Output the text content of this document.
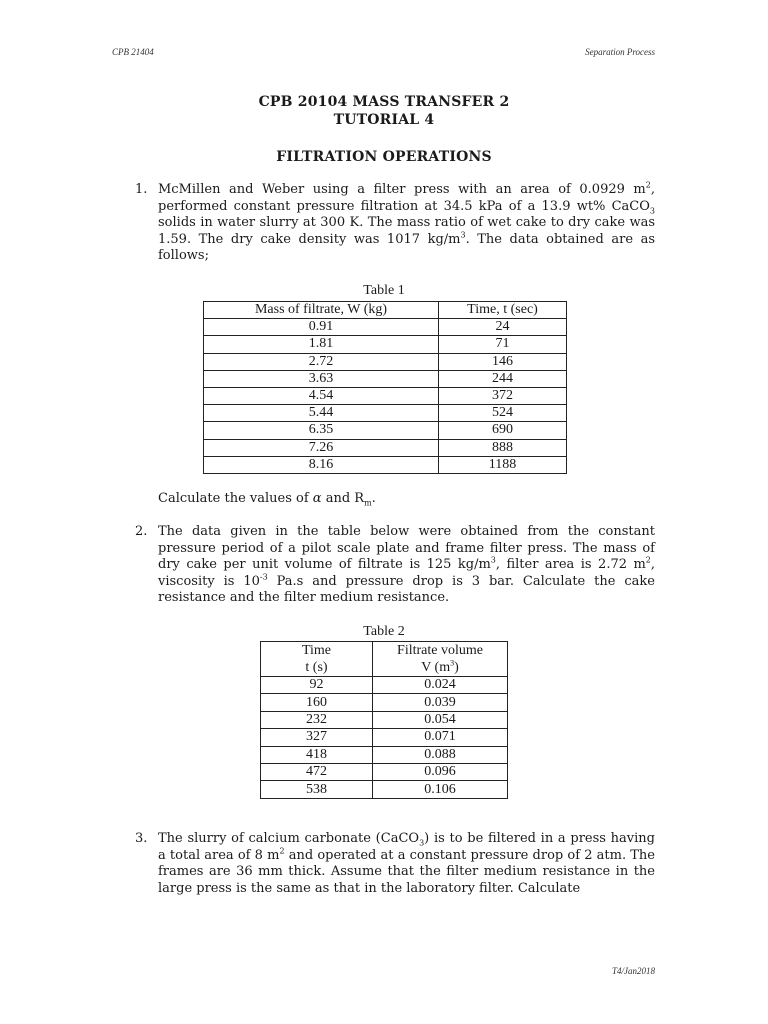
CPB 21404	Separation Process
CPB 20104 MASS TRANSFER 2
TUTORIAL 4
FILTRATION OPERATIONS
1. McMillen and Weber using a filter press with an area of 0.0929 $m^2$, performed constant pressure filtration at 34.5 kPa of a 13.9 wt% CaCO$_3$ solids in water slurry at 300 K. The mass ratio of wet cake to dry cake was 1.59. The dry cake density was 1017 $kg/m^3$. The data obtained are as follows;
Table 1
Mass of filtrate, W (kg)	Time, t (sec)
0.91	24
1.81	71
2.72	146
3.63	244
4.54	372
5.44	524
6.35	690
7.26	888
8.16	1188
Calculate the values of α and $R_m$.
2. The data given in the table below were obtained from the constant pressure period of a pilot scale plate and frame filter press. The mass of dry cake per unit volume of filtrate is 125 $kg/m^3$, filter area is 2.72 $m^2$, viscosity is $10^{-3}$ Pa.s and pressure drop is 3 bar. Calculate the cake resistance and the filter medium resistance.
Table 2
Time	Filtrate volume
t (s)	V $(m^3)$
92	0.024
160	0.039
232	0.054
327	0.071
418	0.088
472	0.096
538	0.106
3. The slurry of calcium carbonate (CaCO$_3$) is to be filtered in a press having a total area of 8 $m^2$ and operated at a constant pressure drop of 2 atm. The frames are 36 mm thick. Assume that the filter medium resistance in the large press is the same as that in the laboratory filter. Calculate
T4/Jan2018
